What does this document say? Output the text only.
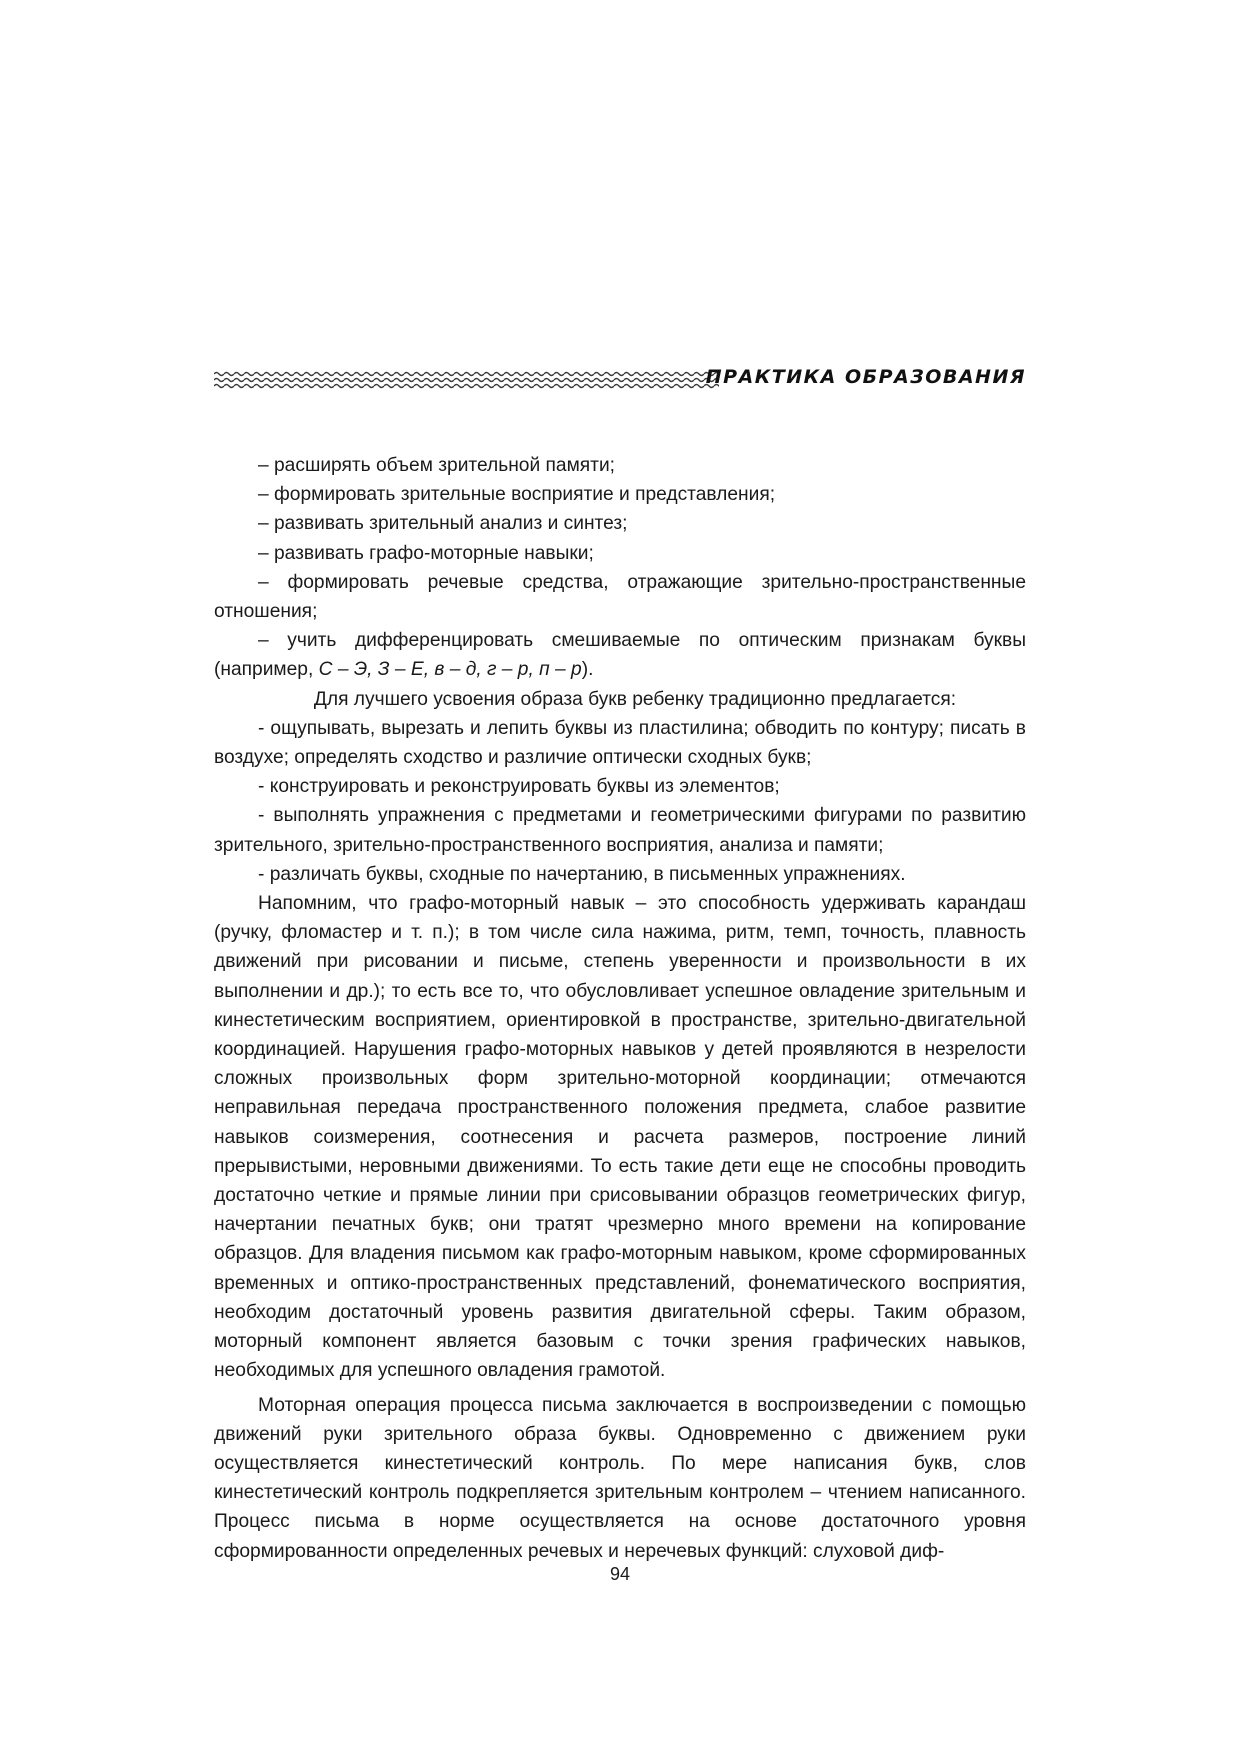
ПРАКТИКА ОБРАЗОВАНИЯ

– расширять объем зрительной памяти;

– формировать зрительные восприятие и представления;

– развивать зрительный анализ и синтез;

– развивать графо-моторные навыки;

– формировать речевые средства, отражающие зрительно-пространственные отношения;

– учить дифференцировать смешиваемые по оптическим признакам буквы (например, С – Э, З – Е, в – д, г – р, п – р).

Для лучшего усвоения образа букв ребенку традиционно предлагается:

- ощупывать, вырезать и лепить буквы из пластилина; обводить по контуру; писать в воздухе; определять сходство и различие оптически сходных букв;

- конструировать и реконструировать буквы из элементов;

- выполнять упражнения с предметами и геометрическими фигурами по развитию зрительного, зрительно-пространственного восприятия, анализа и памяти;

- различать буквы, сходные по начертанию, в письменных упражнениях.

Напомним, что графо-моторный навык – это способность удерживать карандаш (ручку, фломастер и т. п.); в том числе сила нажима, ритм, темп, точность, плавность движений при рисовании и письме, степень уверенности и произвольности в их выполнении и др.); то есть все то, что обусловливает успешное овладение зрительным и кинестетическим восприятием, ориентировкой в пространстве, зрительно-двигательной координацией. Нарушения графо-моторных навыков у детей проявляются в незрелости сложных произвольных форм зрительно-моторной координации; отмечаются неправильная передача пространственного положения предмета, слабое развитие навыков соизмерения, соотнесения и расчета размеров, построение линий прерывистыми, неровными движениями. То есть такие дети еще не способны проводить достаточно четкие и прямые линии при срисовывании образцов геометрических фигур, начертании печатных букв; они тратят чрезмерно много времени на копирование образцов. Для владения письмом как графо-моторным навыком, кроме сформированных временных и оптико-пространственных представлений, фонематического восприятия, необходим достаточный уровень развития двигательной сферы. Таким образом, моторный компонент является базовым с точки зрения графических навыков, необходимых для успешного овладения грамотой.

Моторная операция процесса письма заключается в воспроизведении с помощью движений руки зрительного образа буквы. Одновременно с движением руки осуществляется кинестетический контроль. По мере написания букв, слов кинестетический контроль подкрепляется зрительным контролем – чтением написанного. Процесс письма в норме осуществляется на основе достаточного уровня сформированности определенных речевых и неречевых функций: слуховой диф-

94
